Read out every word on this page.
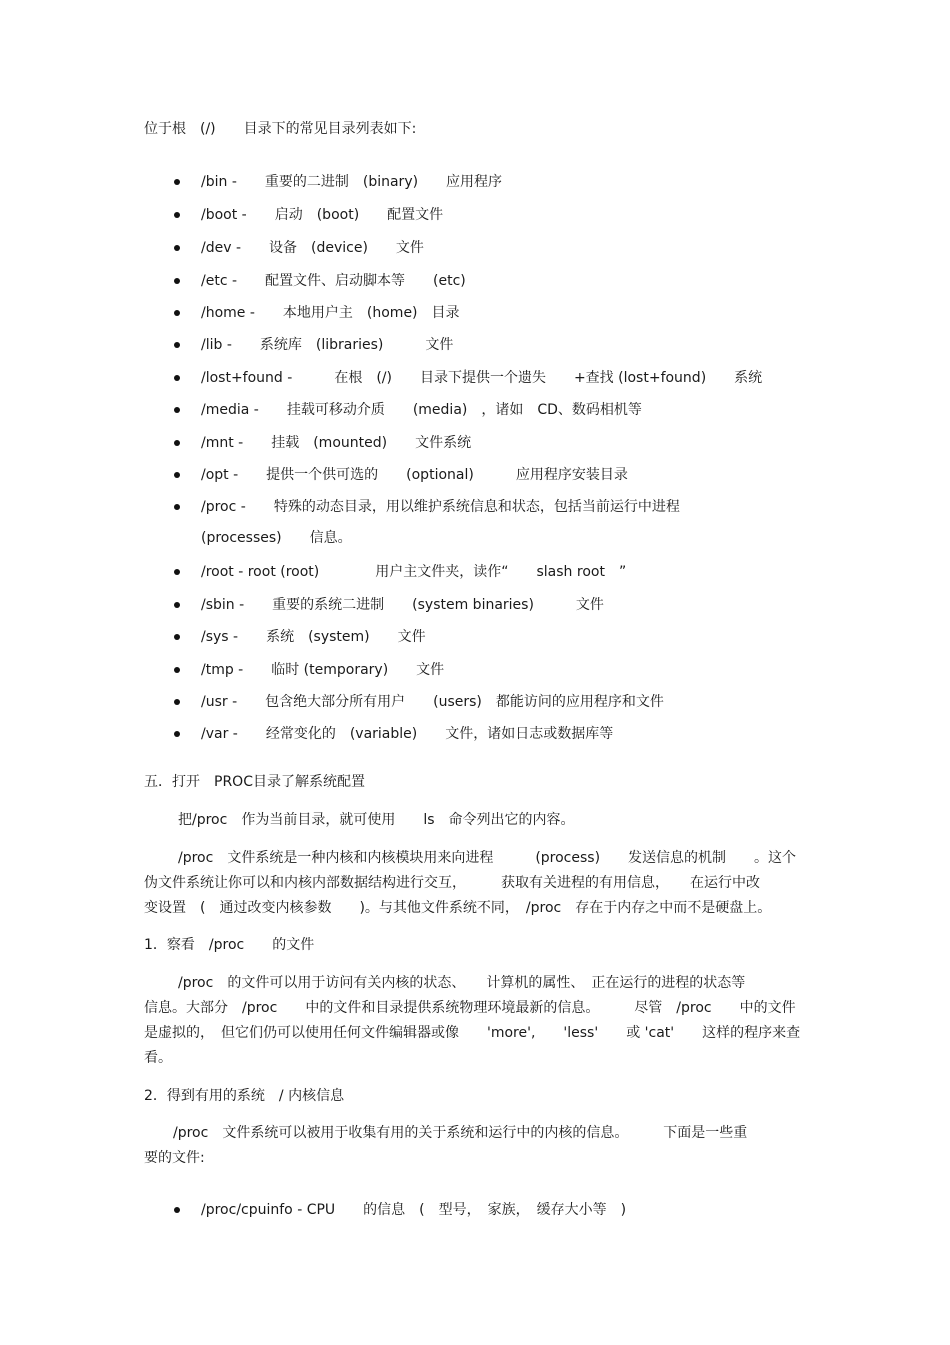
位于根　(/)　　目录下的常见目录列表如下:
/bin -　　重要的二进制　(binary)　　应用程序
/boot -　　启动　(boot)　　配置文件
/dev -　　设备　(device)　　文件
/etc -　　配置文件、启动脚本等　　(etc)
/home -　　本地用户主　(home)　目录
/lib -　　系统库　(libraries)　　　文件
/lost+found -　　　在根　(/)　　目录下提供一个遗失　　+查找 (lost+found)　　系统
/media -　　挂载可移动介质　　(media)　，诸如　CD、数码相机等
/mnt -　　挂载　(mounted)　　文件系统
/opt -　　提供一个供可选的　　(optional)　　　应用程序安装目录
/proc -　　特殊的动态目录，用以维护系统信息和状态，包括当前运行中进程
(processes)　　信息。
/root - root (root)　　　　用户主文件夹，读作“　　slash root　”
/sbin -　　重要的系统二进制　　(system binaries)　　　文件
/sys -　　系统　(system)　　文件
/tmp -　　临时 (temporary)　　文件
/usr -　　包含绝大部分所有用户　　(users)　都能访问的应用程序和文件
/var -　　经常变化的　(variable)　　文件，诸如日志或数据库等
五．打开　PROC目录了解系统配置
把/proc　作为当前目录，就可使用　　ls　命令列出它的内容。
/proc　文件系统是一种内核和内核模块用来向进程　　　(process)　　发送信息的机制　　。这个
伪文件系统让你可以和内核内部数据结构进行交互，　　　获取有关进程的有用信息，　　在运行中改
变设置　(　通过改变内核参数　　)。与其他文件系统不同，　/proc　存在于内存之中而不是硬盘上。
1．察看　/proc　　的文件
/proc　的文件可以用于访问有关内核的状态、　　计算机的属性、　正在运行的进程的状态等
信息。大部分　/proc　　中的文件和目录提供系统物理环境最新的信息。　　　尽管　/proc　　中的文件
是虚拟的，　但它们仍可以使用任何文件编辑器或像　　'more',　　'less'　　或 'cat'　　这样的程序来查
看。
2．得到有用的系统　/ 内核信息
/proc　文件系统可以被用于收集有用的关于系统和运行中的内核的信息。　　　下面是一些重
要的文件:
/proc/cpuinfo - CPU　　的信息　(　型号，　家族，　缓存大小等　)
